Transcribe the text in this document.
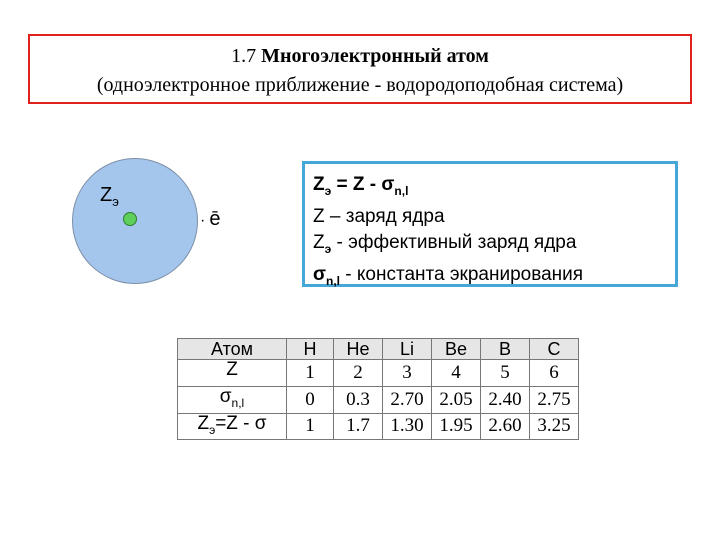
1.7 Многоэлектронный атом
(одноэлектронное приближение - водородоподобная система)
$Z_э$
· ē
$Z_э = Z - \sigma_{n,l}$
Z – заряд ядра
$Z_э$ - эффективный заряд ядра
$\sigma_{n,l}$ - константа экранирования
Атом	H	He	Li	Be	B	C
Z	1	2	3	4	5	6
$\sigma_{n,l}$	0	0.3	2.70	2.05	2.40	2.75
$Z_э=Z - \sigma$	1	1.7	1.30	1.95	2.60	3.25
